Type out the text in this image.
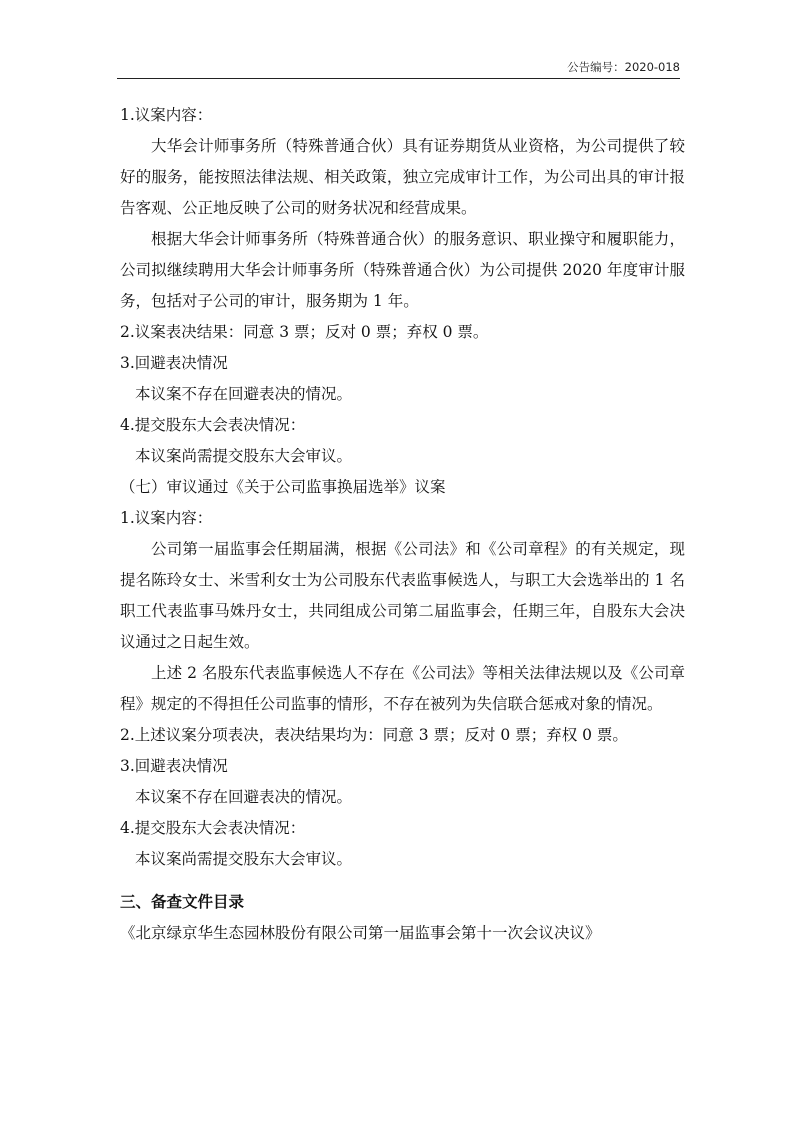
公告编号：2020-018

1.议案内容：

大华会计师事务所（特殊普通合伙）具有证券期货从业资格，为公司提供了较好的服务，能按照法律法规、相关政策，独立完成审计工作，为公司出具的审计报告客观、公正地反映了公司的财务状况和经营成果。

根据大华会计师事务所（特殊普通合伙）的服务意识、职业操守和履职能力，公司拟继续聘用大华会计师事务所（特殊普通合伙）为公司提供 2020 年度审计服务，包括对子公司的审计，服务期为 1 年。

2.议案表决结果：同意 3 票；反对 0 票；弃权 0 票。

3.回避表决情况

本议案不存在回避表决的情况。

4.提交股东大会表决情况：

本议案尚需提交股东大会审议。

（七）审议通过《关于公司监事换届选举》议案

1.议案内容：

公司第一届监事会任期届满，根据《公司法》和《公司章程》的有关规定，现提名陈玲女士、米雪利女士为公司股东代表监事候选人，与职工大会选举出的 1 名职工代表监事马姝丹女士，共同组成公司第二届监事会，任期三年，自股东大会决议通过之日起生效。

上述 2 名股东代表监事候选人不存在《公司法》等相关法律法规以及《公司章程》规定的不得担任公司监事的情形，不存在被列为失信联合惩戒对象的情况。

2.上述议案分项表决，表决结果均为：同意 3 票；反对 0 票；弃权 0 票。

3.回避表决情况

本议案不存在回避表决的情况。

4.提交股东大会表决情况：

本议案尚需提交股东大会审议。

三、备查文件目录

《北京绿京华生态园林股份有限公司第一届监事会第十一次会议决议》
